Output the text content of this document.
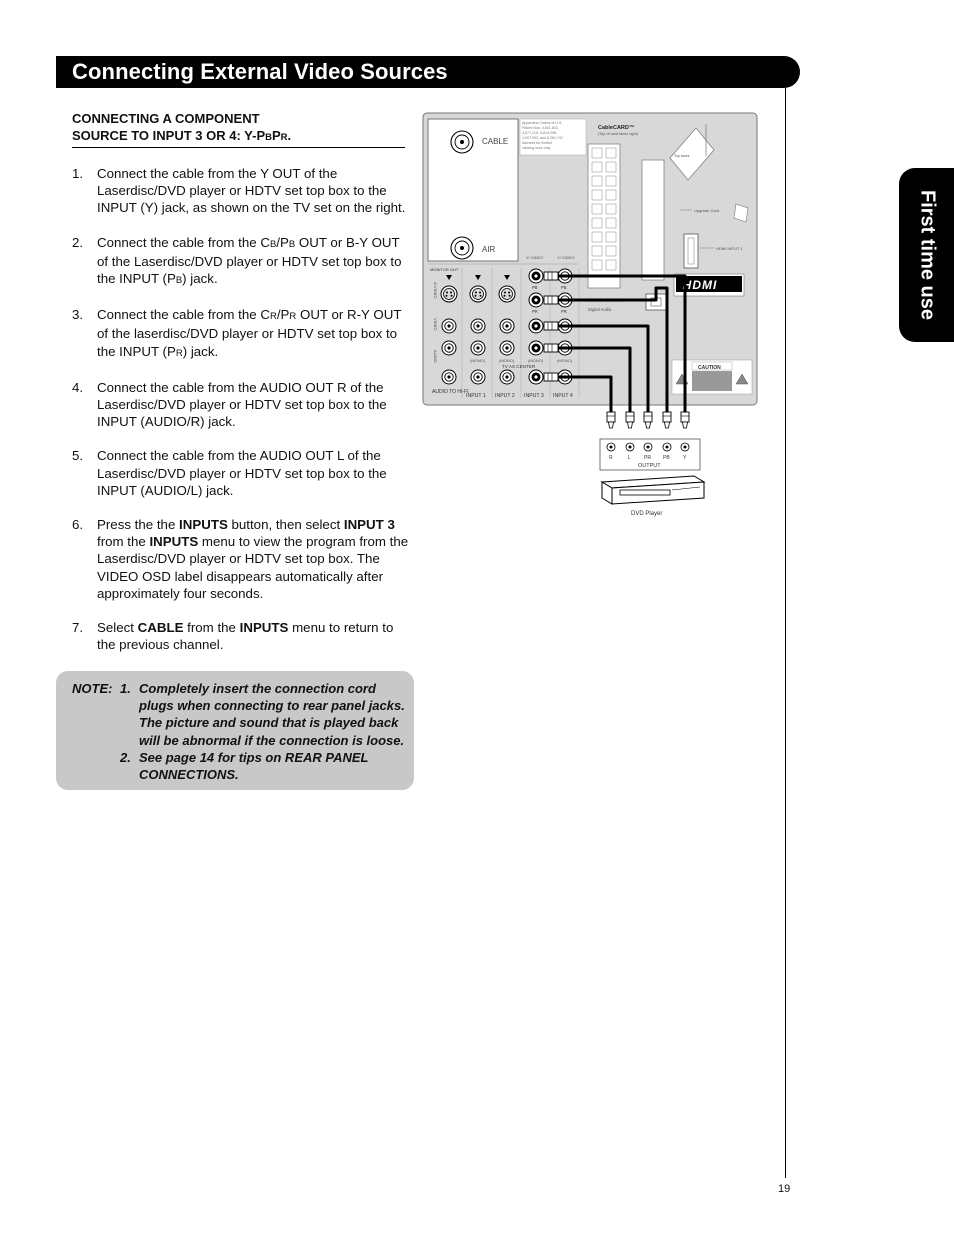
Connecting External Video Sources
First time use
CONNECTING A COMPONENT
SOURCE TO INPUT 3 OR 4: Y-PBPR.
1. Connect the cable from the Y OUT of the Laserdisc/DVD player or HDTV set top box to the INPUT (Y) jack, as shown on the TV set on the right.
2. Connect the cable from the CB/PB OUT or B-Y OUT of the Laserdisc/DVD player or HDTV set top box to the INPUT (PB) jack.
3. Connect the cable from the CR/PR OUT or R-Y OUT of the laserdisc/DVD player or HDTV set top box to the INPUT (PR) jack.
4. Connect the cable from the AUDIO OUT R of the Laserdisc/DVD player or HDTV set top box to the INPUT (AUDIO/R) jack.
5. Connect the cable from the AUDIO OUT L of the Laserdisc/DVD player or HDTV set top box to the INPUT (AUDIO/L) jack.
6. Press the the INPUTS button, then select INPUT 3 from the INPUTS menu to view the program from the Laserdisc/DVD player or HDTV set top box. The VIDEO OSD label disappears automatically after approximately four seconds.
7. Select CABLE from the INPUTS menu to return to the previous channel.
NOTE: 1. Completely insert the connection cord plugs when connecting to rear panel jacks. The picture and sound that is played back will be abnormal if the connection is loose.
2. See page 14 for tips on REAR PANEL CONNECTIONS.
19
CABLE
AIR
Apparatus Claims of U.S.
Patent Nos. 4,631,603,
4,577,216, 4,819,098,
4,907,093, and 6,381,747
licensed for limited
viewing uses only.
CableCARD™
(Top of card faces right)
Top faces
Upgrade Card
HDMI INPUT 1
HDMI
DIGITAL AUDIO OUT
Digital Audio
MONITOR OUT
S-VIDEO
VIDEO
AUDIO	(MONO)	(MONO)
Y/ VIDEO	Y/ VIDEO
PB	PB
PR	PR
(MONO)	(MONO)
TV AS CENTER
AUDIO TO HI-FI
INPUT 1 INPUT 2 INPUT 3 INPUT 4
CAUTION
R	L	PR PB	Y
OUTPUT
DVD Player
